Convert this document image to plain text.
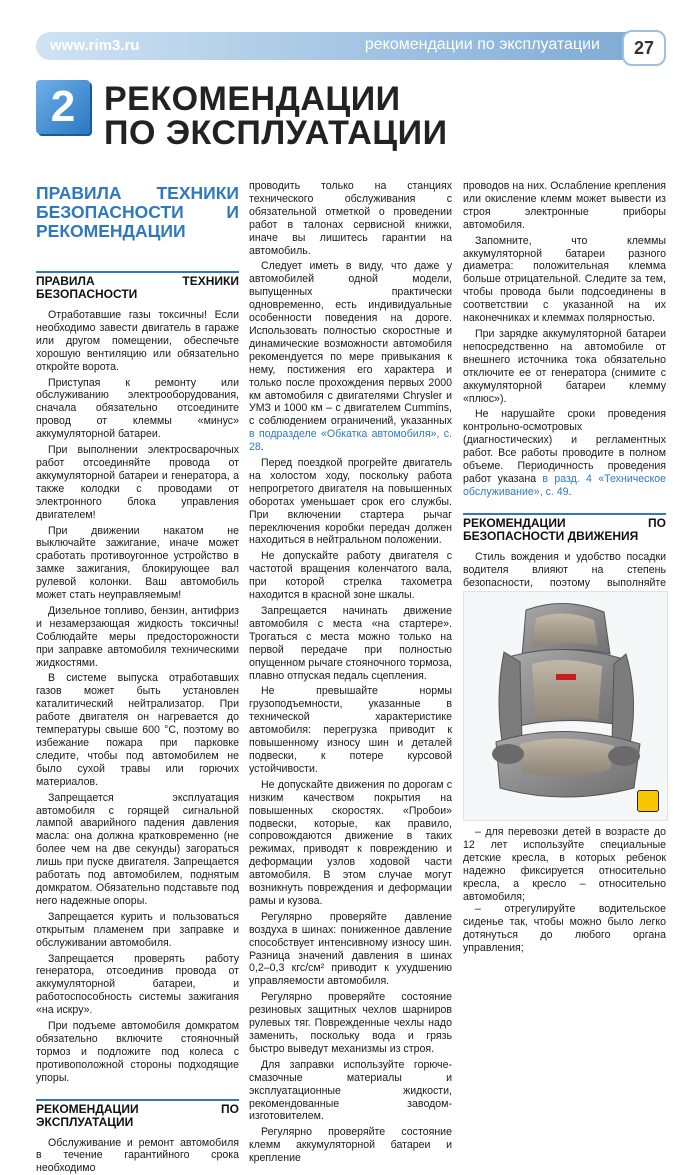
www.rim3.ru	рекомендации по эксплуатации	27
2 РЕКОМЕНДАЦИИ
ПО ЭКСПЛУАТАЦИИ
ПРАВИЛА ТЕХНИКИ БЕЗОПАСНОСТИ И РЕКОМЕНДАЦИИ
ПРАВИЛА ТЕХНИКИ БЕЗОПАСНОСТИ

Отработавшие газы токсичны! Если необходимо завести двигатель в гараже или другом помещении, обеспечьте хорошую вентиляцию или обязательно откройте ворота.

Приступая к ремонту или обслуживанию электрооборудования, сначала обязательно отсоедините провод от клеммы «минус» аккумуляторной батареи.

При выполнении электросварочных работ отсоединяйте провода от аккумуляторной батареи и генератора, а также колодки с проводами от электронного блока управления двигателем!

При движении накатом не выключайте зажигание, иначе может сработать противоугонное устройство в замке зажигания, блокирующее вал рулевой колонки. Ваш автомобиль может стать неуправляемым!

Дизельное топливо, бензин, антифриз и незамерзающая жидкость токсичны! Соблюдайте меры предосторожности при заправке автомобиля техническими жидкостями.

В системе выпуска отработавших газов может быть установлен каталитический нейтрализатор. При работе двигателя он нагревается до температуры свыше 600 °С, поэтому во избежание пожара при парковке следите, чтобы под автомобилем не было сухой травы или горючих материалов.

Запрещается эксплуатация автомобиля с горящей сигнальной лампой аварийного падения давления масла: она должна кратковременно (не более чем на две секунды) загораться лишь при пуске двигателя. Запрещается работать под автомобилем, поднятым домкратом. Обязательно подставьте под него надежные опоры.

Запрещается курить и пользоваться открытым пламенем при заправке и обслуживании автомобиля.

Запрещается проверять работу генератора, отсоединив провода от аккумуляторной батареи, и работоспособность системы зажигания «на искру».

При подъеме автомобиля домкратом обязательно включите стояночный тормоз и подложите под колеса с противоположной стороны подходящие упоры.

РЕКОМЕНДАЦИИ ПО ЭКСПЛУАТАЦИИ

Обслуживание и ремонт автомобиля в течение гарантийного срока необходимо

проводить только на станциях технического обслуживания с обязательной отметкой о проведении работ в талонах сервисной книжки, иначе вы лишитесь гарантии на автомобиль.

Следует иметь в виду, что даже у автомобилей одной модели, выпущенных практически одновременно, есть индивидуальные особенности поведения на дороге. Использовать полностью скоростные и динамические возможности автомобиля рекомендуется по мере привыкания к нему, постижения его характера и только после прохождения первых 2000 км автомобиля с двигателями Chrysler и УМЗ и 1000 км – с двигателем Cummins, с соблюдением ограничений, указанных в подразделе «Обкатка автомобиля», с. 28.

Перед поездкой прогрейте двигатель на холостом ходу, поскольку работа непрогретого двигателя на повышенных оборотах уменьшает срок его службы. При включении стартера рычаг переключения коробки передач должен находиться в нейтральном положении.

Не допускайте работу двигателя с частотой вращения коленчатого вала, при которой стрелка тахометра находится в красной зоне шкалы.

Запрещается начинать движение автомобиля с места «на стартере». Трогаться с места можно только на первой передаче при полностью опущенном рычаге стояночного тормоза, плавно отпуская педаль сцепления.

Не превышайте нормы грузоподъемности, указанные в технической характеристике автомобиля: перегрузка приводит к повышенному износу шин и деталей подвески, к потере курсовой устойчивости.

Не допускайте движения по дорогам с низким качеством покрытия на повышенных скоростях. «Пробои» подвески, которые, как правило, сопровождаются движение в таких режимах, приводят к повреждению и деформации узлов ходовой части автомобиля. В этом случае могут возникнуть повреждения и деформации рамы и кузова.

Регулярно проверяйте давление воздуха в шинах: пониженное давление способствует интенсивному износу шин. Разница значений давления в шинах 0,2–0,3 кгс/см² приводит к ухудшению управляемости автомобиля.

Регулярно проверяйте состояние резиновых защитных чехлов шарниров рулевых тяг. Поврежденные чехлы надо заменить, поскольку вода и грязь быстро выведут механизмы из строя.

Для заправки используйте горюче-смазочные материалы и эксплуатационные жидкости, рекомендованные заводом-изготовителем.

Регулярно проверяйте состояние клемм аккумуляторной батареи и крепление

проводов на них. Ослабление крепления или окисление клемм может вывести из строя электронные приборы автомобиля.

Запомните, что клеммы аккумуляторной батареи разного диаметра: положительная клемма больше отрицательной. Следите за тем, чтобы провода были подсоединены в соответствии с указанной на их наконечниках и клеммах полярностью.

При зарядке аккумуляторной батареи непосредственно на автомобиле от внешнего источника тока обязательно отключите ее от генератора (снимите с аккумуляторной батареи клемму «плюс»).

Не нарушайте сроки проведения контрольно-осмотровых (диагностических) и регламентных работ. Все работы проводите в полном объеме. Периодичность проведения работ указана в разд. 4 «Техническое обслуживание», с. 49.

РЕКОМЕНДАЦИИ ПО БЕЗОПАСНОСТИ ДВИЖЕНИЯ

Стиль вождения и удобство посадки водителя влияют на степень безопасности, поэтому выполняйте

– для перевозки детей в возрасте до 12 лет используйте специальные детские кресла, в которых ребенок надежно фиксируется относительно кресла, а кресло – относительно автомобиля;

– отрегулируйте водительское сиденье так, чтобы можно было легко дотянуться до любого органа управления;
